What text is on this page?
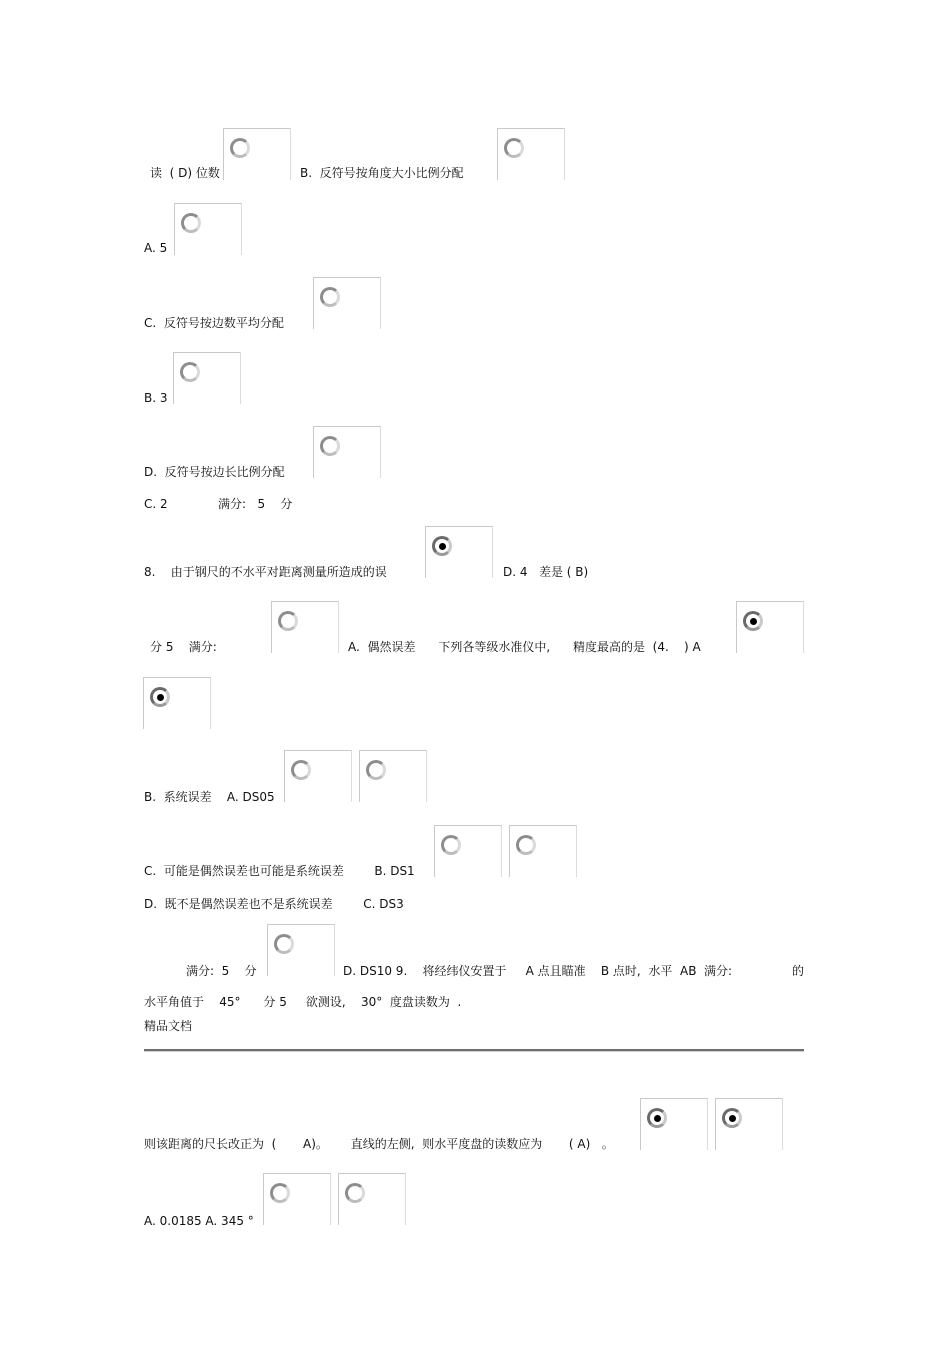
读  ( D) 位数	B.  反符号按角度大小比例分配
A. 5
C.  反符号按边数平均分配
B. 3
D.  反符号按边长比例分配
C. 2	满分:   5    分
8.    由于钢尺的不水平对距离测量所造成的误	D. 4   差是 ( B)
分 5    满分:	A.  偶然误差      下列各等级水准仪中,      精度最高的是  (4.    ) A
B.  系统误差    A. DS05
C.  可能是偶然误差也可能是系统误差        B. DS1
D.  既不是偶然误差也不是系统误差        C. DS3
满分:  5    分	D. DS10 9.    将经纬仪安置于     A 点且瞄准    B 点时,  水平  AB  满分:	的
水平角值于    45°      分 5     欲测设,    30°  度盘读数为  .
精品文档
则该距离的尺长改正为  (       A)。      直线的左侧,  则水平度盘的读数应为       ( A)   。
A. 0.0185 A. 345 °
